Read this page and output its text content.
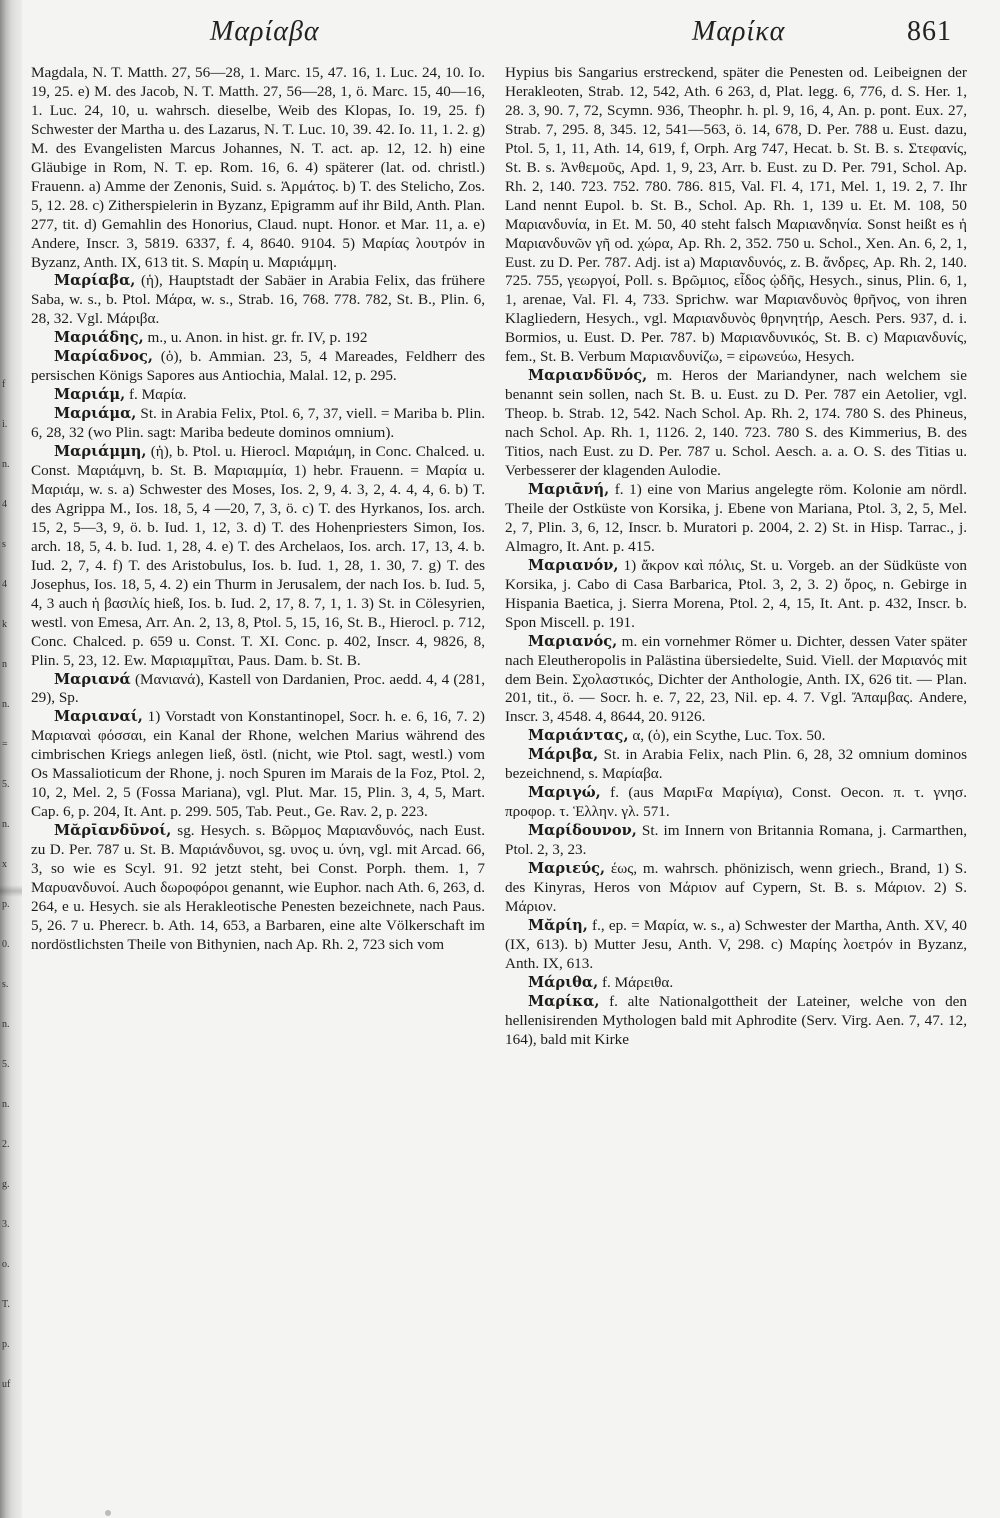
f
i.
n.
4
s
4
k
n
n.
=
5.
n.
x
p.
0.
s.
n.
5.
n.
2.
g.
3.
o.
T.
p.
uf
Μαρίαβα	Μαρίκα	861

Magdala, N. T. Matth. 27, 56—28, 1. Marc. 15, 47. 16, 1. Luc. 24, 10. Io. 19, 25. e) M. des Jacob, N. T. Matth. 27, 56—28, 1, ö. Marc. 15, 40—16, 1. Luc. 24, 10, u. wahrsch. dieselbe, Weib des Klopas, Io. 19, 25. f) Schwester der Martha u. des Lazarus, N. T. Luc. 10, 39. 42. Io. 11, 1. 2. g) M. des Evangelisten Marcus Johannes, N. T. act. ap. 12, 12. h) eine Gläubige in Rom, N. T. ep. Rom. 16, 6. 4) späterer (lat. od. christl.) Frauenn. a) Amme der Zenonis, Suid. s. Ἁρμάτος. b) T. des Stelicho, Zos. 5, 12. 28. c) Zitherspielerin in Byzanz, Epigramm auf ihr Bild, Anth. Plan. 277, tit. d) Gemahlin des Honorius, Claud. nupt. Honor. et Mar. 11, a. e) Andere, Inscr. 3, 5819. 6337, f. 4, 8640. 9104. 5) Μαρίας λουτρόν in Byzanz, Anth. IX, 613 tit. S. Μαρίη u. Μαριάμμη.

Μαρίαβα, (ἡ), Hauptstadt der Sabäer in Arabia Felix, das frühere Saba, w. s., b. Ptol. Μάρα, w. s., Strab. 16, 768. 778. 782, St. B., Plin. 6, 28, 32. Vgl. Μάριβα.

Μαριάδης, m., u. Anon. in hist. gr. fr. IV, p. 192

Μαρίαδνος, (ὁ), b. Ammian. 23, 5, 4 Mareades, Feldherr des persischen Königs Sapores aus Antiochia, Malal. 12, p. 295.

Μαριάμ, f. Μαρία.

Μαριάμα, St. in Arabia Felix, Ptol. 6, 7, 37, viell. = Mariba b. Plin. 6, 28, 32 (wo Plin. sagt: Mariba bedeute dominos omnium).

Μαριάμμη, (ἡ), b. Ptol. u. Hierocl. Μαριάμη, in Conc. Chalced. u. Const. Μαριάμνη, b. St. B. Μαριαμμία, 1) hebr. Frauenn. = Μαρία u. Μαριάμ, w. s. a) Schwester des Moses, Ios. 2, 9, 4. 3, 2, 4. 4, 4, 6. b) T. des Agrippa M., Ios. 18, 5, 4 —20, 7, 3, ö. c) T. des Hyrkanos, Ios. arch. 15, 2, 5—3, 9, ö. b. Iud. 1, 12, 3. d) T. des Hohenpriesters Simon, Ios. arch. 18, 5, 4. b. Iud. 1, 28, 4. e) T. des Archelaos, Ios. arch. 17, 13, 4. b. Iud. 2, 7, 4. f) T. des Aristobulus, Ios. b. Iud. 1, 28, 1. 30, 7. g) T. des Josephus, Ios. 18, 5, 4. 2) ein Thurm in Jerusalem, der nach Ios. b. Iud. 5, 4, 3 auch ἡ βασιλίς hieß, Ios. b. Iud. 2, 17, 8. 7, 1, 1. 3) St. in Cölesyrien, westl. von Emesa, Arr. An. 2, 13, 8, Ptol. 5, 15, 16, St. B., Hierocl. p. 712, Conc. Chalced. p. 659 u. Const. T. XI. Conc. p. 402, Inscr. 4, 9826, 8, Plin. 5, 23, 12. Ew. Μαριαμμῖται, Paus. Dam. b. St. B.

Μαριανά (Μανιανά), Kastell von Dardanien, Proc. aedd. 4, 4 (281, 29), Sp.

Μαριαναί, 1) Vorstadt von Konstantinopel, Socr. h. e. 6, 16, 7. 2) Μαριαναὶ φόσσαι, ein Kanal der Rhone, welchen Marius während des cimbrischen Kriegs anlegen ließ, östl. (nicht, wie Ptol. sagt, westl.) vom Os Massalioticum der Rhone, j. noch Spuren im Marais de la Foz, Ptol. 2, 10, 2, Mel. 2, 5 (Fossa Mariana), vgl. Plut. Mar. 15, Plin. 3, 4, 5, Mart. Cap. 6, p. 204, It. Ant. p. 299. 505, Tab. Peut., Ge. Rav. 2, p. 223.

Μᾰρῑανδῡνοί, sg. Hesych. s. Βῶρμος Μαριανδυνός, nach Eust. zu D. Per. 787 u. St. B. Μαριάνδυνοι, sg. υνος u. ύνη, vgl. mit Arcad. 66, 3, so wie es Scyl. 91. 92 jetzt steht, bei Const. Porph. them. 1, 7 Μαρυανδυνοί. Auch δωροφόροι genannt, wie Euphor. nach Ath. 6, 263, d. 264, e u. Hesych. sie als Herakleotische Penesten bezeichnete, nach Paus. 5, 26. 7 u. Pherecr. b. Ath. 14, 653, a Barbaren, eine alte Völkerschaft im nordöstlichsten Theile von Bithynien, nach Ap. Rh. 2, 723 sich vom

Hypius bis Sangarius erstreckend, später die Penesten od. Leibeignen der Herakleoten, Strab. 12, 542, Ath. 6 263, d, Plat. legg. 6, 776, d. S. Her. 1, 28. 3, 90. 7, 72, Scymn. 936, Theophr. h. pl. 9, 16, 4, An. p. pont. Eux. 27, Strab. 7, 295. 8, 345. 12, 541—563, ö. 14, 678, D. Per. 788 u. Eust. dazu, Ptol. 5, 1, 11, Ath. 14, 619, f, Orph. Arg 747, Hecat. b. St. B. s. Στεφανίς, St. B. s. Ἀνθεμοῦς, Apd. 1, 9, 23, Arr. b. Eust. zu D. Per. 791, Schol. Ap. Rh. 2, 140. 723. 752. 780. 786. 815, Val. Fl. 4, 171, Mel. 1, 19. 2, 7. Ihr Land nennt Eupol. b. St. B., Schol. Ap. Rh. 1, 139 u. Et. M. 108, 50 Μαριανδυνία, in Et. M. 50, 40 steht falsch Μαριανδηνία. Sonst heißt es ἡ Μαριανδυνῶν γῆ od. χώρα, Ap. Rh. 2, 352. 750 u. Schol., Xen. An. 6, 2, 1, Eust. zu D. Per. 787. Adj. ist a) Μαριανδυνός, z. B. ἄνδρες, Ap. Rh. 2, 140. 725. 755, γεωργοί, Poll. s. Βρῶμιος, εἶδος ᾠδῆς, Hesych., sinus, Plin. 6, 1, 1, arenae, Val. Fl. 4, 733. Sprichw. war Μαριανδυνὸς θρῆνος, von ihren Klagliedern, Hesych., vgl. Μαριανδυνὸς θρηνητήρ, Aesch. Pers. 937, d. i. Bormios, u. Eust. D. Per. 787. b) Μαριανδυνικός, St. B. c) Μαριανδυνίς, fem., St. B. Verbum Μαριανδυνίζω, = εἰρωνεύω, Hesych.

Μαριανδῦνός, m. Heros der Mariandyner, nach welchem sie benannt sein sollen, nach St. B. u. Eust. zu D. Per. 787 ein Aetolier, vgl. Theop. b. Strab. 12, 542. Nach Schol. Ap. Rh. 2, 174. 780 S. des Phineus, nach Schol. Ap. Rh. 1, 1126. 2, 140. 723. 780 S. des Kimmerius, B. des Titios, nach Eust. zu D. Per. 787 u. Schol. Aesch. a. a. O. S. des Titias u. Verbesserer der klagenden Aulodie.

Μαριᾱνή, f. 1) eine von Marius angelegte röm. Kolonie am nördl. Theile der Ostküste von Korsika, j. Ebene von Mariana, Ptol. 3, 2, 5, Mel. 2, 7, Plin. 3, 6, 12, Inscr. b. Muratori p. 2004, 2. 2) St. in Hisp. Tarrac., j. Almagro, It. Ant. p. 415.

Μαριανόν, 1) ἄκρον καὶ πόλις, St. u. Vorgeb. an der Südküste von Korsika, j. Cabo di Casa Barbarica, Ptol. 3, 2, 3. 2) ὄρος, n. Gebirge in Hispania Baetica, j. Sierra Morena, Ptol. 2, 4, 15, It. Ant. p. 432, Inscr. b. Spon Miscell. p. 191.

Μαριανός, m. ein vornehmer Römer u. Dichter, dessen Vater später nach Eleutheropolis in Palästina übersiedelte, Suid. Viell. der Μαριανός mit dem Bein. Σχολαστικός, Dichter der Anthologie, Anth. IX, 626 tit. — Plan. 201, tit., ö. — Socr. h. e. 7, 22, 23, Nil. ep. 4. 7. Vgl. Ἄπαμβας. Andere, Inscr. 3, 4548. 4, 8644, 20. 9126.

Μαριάντας, α, (ὁ), ein Scythe, Luc. Tox. 50.

Μάριβα, St. in Arabia Felix, nach Plin. 6, 28, 32 omnium dominos bezeichnend, s. Μαρίαβα.

Μαριγώ, f. (aus ΜαριFα Μαρίγια), Const. Oecon. π. τ. γνησ. προφορ. τ. Ἑλλην. γλ. 571.

Μαρίδουνον, St. im Innern von Britannia Romana, j. Carmarthen, Ptol. 2, 3, 23.

Μαριεύς, έως, m. wahrsch. phönizisch, wenn griech., Brand, 1) S. des Kinyras, Heros von Μάριον auf Cypern, St. B. s. Μάριον. 2) S. Μάριον.

Μᾰρίη, f., ep. = Μαρία, w. s., a) Schwester der Martha, Anth. XV, 40 (IX, 613). b) Mutter Jesu, Anth. V, 298. c) Μαρίης λοετρόν in Byzanz, Anth. IX, 613.

Μάριθα, f. Μάρειθα.

Μαρίκα, f. alte Nationalgottheit der Lateiner, welche von den hellenisirenden Mythologen bald mit Aphrodite (Serv. Virg. Aen. 7, 47. 12, 164), bald mit Kirke
